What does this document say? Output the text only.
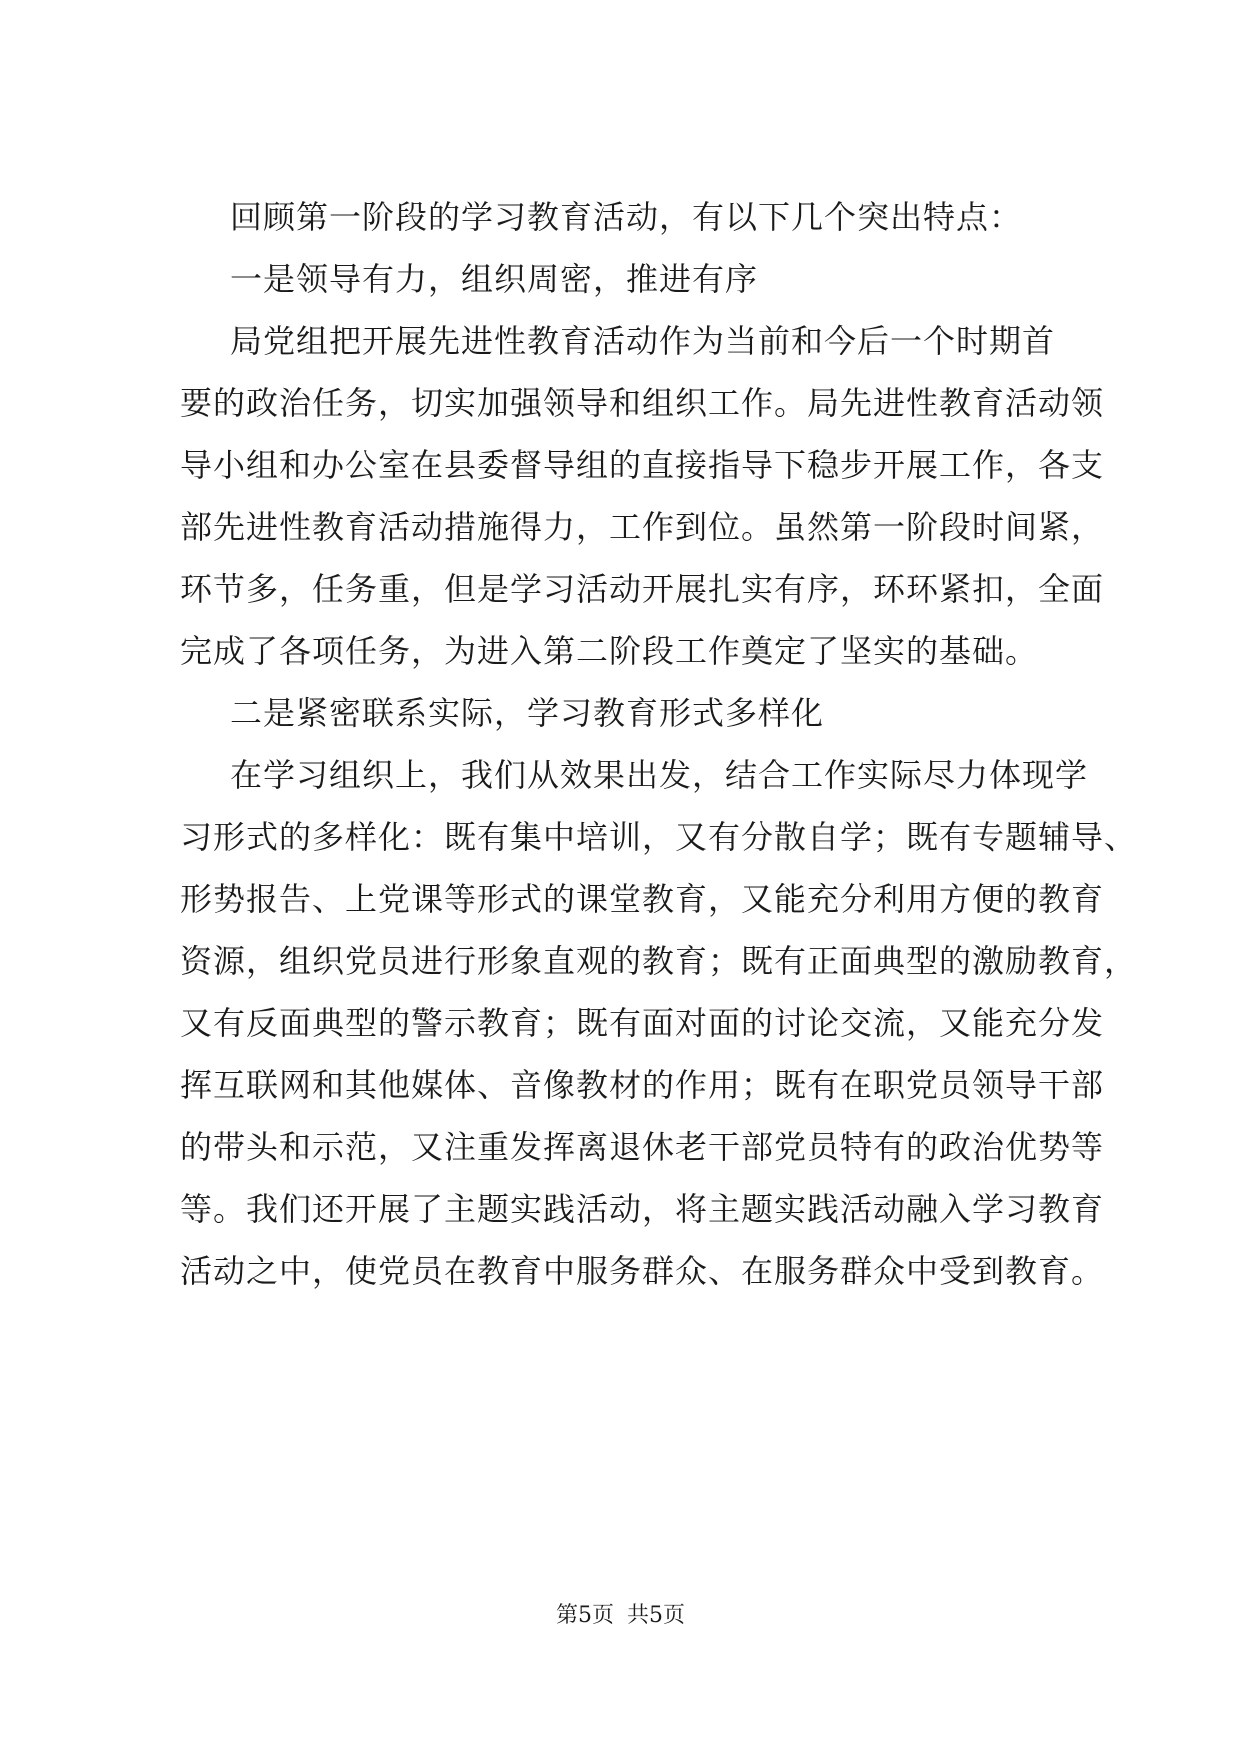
回顾第一阶段的学习教育活动，有以下几个突出特点：
一是领导有力，组织周密，推进有序
局党组把开展先进性教育活动作为当前和今后一个时期首
要的政治任务，切实加强领导和组织工作。局先进性教育活动领
导小组和办公室在县委督导组的直接指导下稳步开展工作，各支
部先进性教育活动措施得力，工作到位。虽然第一阶段时间紧，
环节多，任务重，但是学习活动开展扎实有序，环环紧扣，全面
完成了各项任务，为进入第二阶段工作奠定了坚实的基础。
二是紧密联系实际，学习教育形式多样化
在学习组织上，我们从效果出发，结合工作实际尽力体现学
习形式的多样化：既有集中培训，又有分散自学；既有专题辅导、
形势报告、上党课等形式的课堂教育，又能充分利用方便的教育
资源，组织党员进行形象直观的教育；既有正面典型的激励教育，
又有反面典型的警示教育；既有面对面的讨论交流，又能充分发
挥互联网和其他媒体、音像教材的作用；既有在职党员领导干部
的带头和示范，又注重发挥离退休老干部党员特有的政治优势等
等。我们还开展了主题实践活动，将主题实践活动融入学习教育
活动之中，使党员在教育中服务群众、在服务群众中受到教育。
第5页 共5页
